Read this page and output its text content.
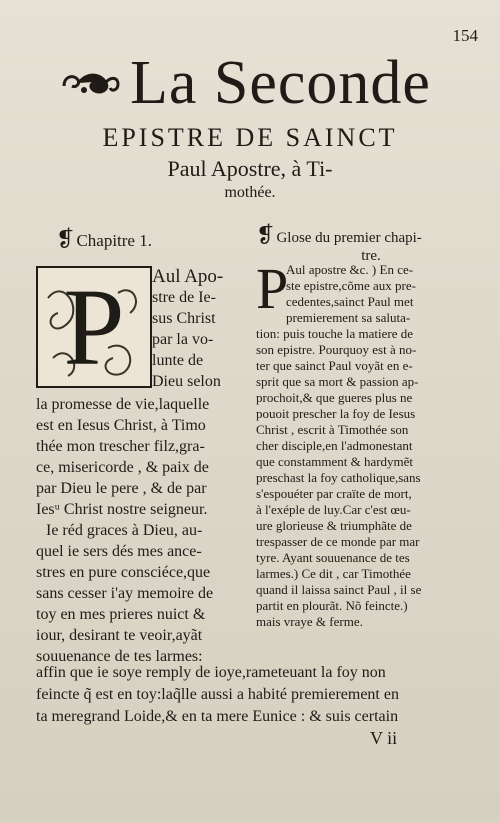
154
La Seconde
EPISTRE DE SAINCT
Paul Apostre, à Ti-
mothée.
❡ Chapitre 1.
P Aul Apo-
stre de Ie-
sus Christ
par la vo-
lunte de
Dieu selon
la promesse de vie,laquelle
est en Iesus Christ, à Timo
thée mon trescher filz,gra-
ce, misericorde , & paix de
par Dieu le pere , & de par
Iesᵘ Christ nostre seigneur.
Ie réd graces à Dieu, au-
quel ie sers dés mes ance-
stres en pure consciéce,que
sans cesser i'ay memoire de
toy en mes prieres nuict &
iour, desirant te veoir,ayãt
souuenance de tes larmes:
❡ Glose du premier chapi-
tre.
P
Aul apostre &c. ) En ce-
ste epistre,cõme aux pre-
cedentes,sainct Paul met
premierement sa saluta-
tion: puis touche la matiere de
son epistre. Pourquoy est à no-
ter que sainct Paul voyãt en e-
sprit que sa mort & passion ap-
prochoit,& que gueres plus ne
pouoit prescher la foy de Iesus
Christ , escrit à Timothée son
cher disciple,en l'admonestant
que constamment & hardymẽt
preschast la foy catholique,sans
s'espouéter par craïte de mort,
à l'exéple de luy.Car c'est œu-
ure glorieuse & triumphãte de
trespasser de ce monde par mar
tyre. Ayant souuenance de tes
larmes.) Ce dit , car Timothée
quand il laissa sainct Paul , il se
partit en plourãt. Nõ feincte.)
mais vraye & ferme.
affin que ie soye remply de ioye,rameteuant la foy non
feincte q̃ est en toy:laq̃lle aussi a habité premierement en
ta meregrand Loide,& en ta mere Eunice : & suis certain
V ii
